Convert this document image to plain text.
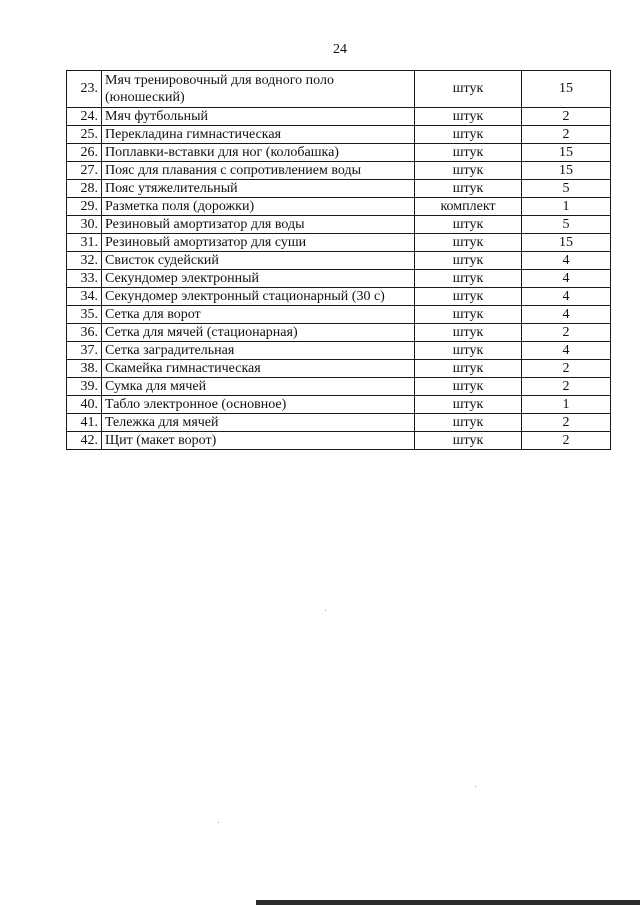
24
23.	Мяч тренировочный для водного поло (юношеский)	штук	15
24.	Мяч футбольный	штук	2
25.	Перекладина гимнастическая	штук	2
26.	Поплавки-вставки для ног (колобашка)	штук	15
27.	Пояс для плавания с сопротивлением воды	штук	15
28.	Пояс утяжелительный	штук	5
29.	Разметка поля (дорожки)	комплект	1
30.	Резиновый амортизатор для воды	штук	5
31.	Резиновый амортизатор для суши	штук	15
32.	Свисток судейский	штук	4
33.	Секундомер электронный	штук	4
34.	Секундомер электронный стационарный (30 с)	штук	4
35.	Сетка для ворот	штук	4
36.	Сетка для мячей (стационарная)	штук	2
37.	Сетка заградительная	штук	4
38.	Скамейка гимнастическая	штук	2
39.	Сумка для мячей	штук	2
40.	Табло электронное (основное)	штук	1
41.	Тележка для мячей	штук	2
42.	Щит (макет ворот)	штук	2
